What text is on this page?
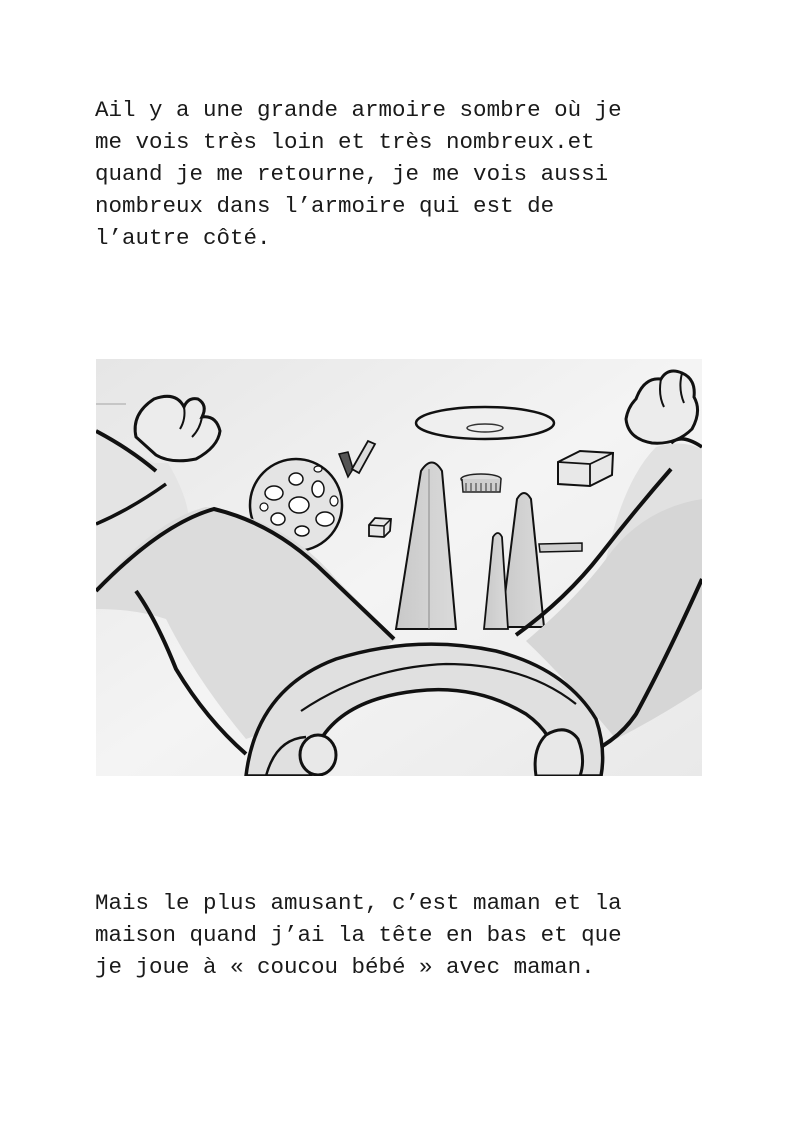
Ail y a une grande armoire sombre où je
me vois très loin et très nombreux.et
quand je me retourne, je me vois aussi
nombreux dans l’armoire qui est de
l’autre côté.

Mais le plus amusant, c’est maman et la
maison quand j’ai la tête en bas et que
je joue à « coucou bébé » avec maman.
